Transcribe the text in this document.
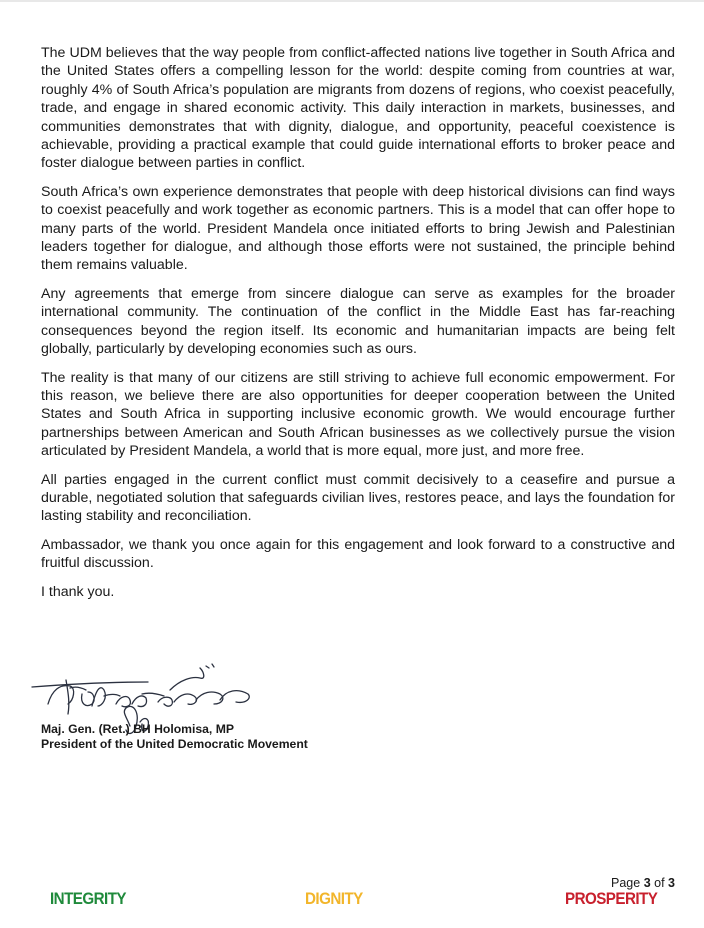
The UDM believes that the way people from conflict-affected nations live together in South Africa and the United States offers a compelling lesson for the world: despite coming from countries at war, roughly 4% of South Africa’s population are migrants from dozens of regions, who coexist peacefully, trade, and engage in shared economic activity. This daily interaction in markets, businesses, and communities demonstrates that with dignity, dialogue, and opportunity, peaceful coexistence is achievable, providing a practical example that could guide international efforts to broker peace and foster dialogue between parties in conflict.

South Africa’s own experience demonstrates that people with deep historical divisions can find ways to coexist peacefully and work together as economic partners. This is a model that can offer hope to many parts of the world. President Mandela once initiated efforts to bring Jewish and Palestinian leaders together for dialogue, and although those efforts were not sustained, the principle behind them remains valuable.

Any agreements that emerge from sincere dialogue can serve as examples for the broader international community. The continuation of the conflict in the Middle East has far-reaching consequences beyond the region itself. Its economic and humanitarian impacts are being felt globally, particularly by developing economies such as ours.

The reality is that many of our citizens are still striving to achieve full economic empowerment. For this reason, we believe there are also opportunities for deeper cooperation between the United States and South Africa in supporting inclusive economic growth. We would encourage further partnerships between American and South African businesses as we collectively pursue the vision articulated by President Mandela, a world that is more equal, more just, and more free.

All parties engaged in the current conflict must commit decisively to a ceasefire and pursue a durable, negotiated solution that safeguards civilian lives, restores peace, and lays the foundation for lasting stability and reconciliation.

Ambassador, we thank you once again for this engagement and look forward to a constructive and fruitful discussion.

I thank you.

Maj. Gen. (Ret.) BH Holomisa, MP
President of the United Democratic Movement
Page 3 of 3
INTEGRITY	DIGNITY	PROSPERITY
